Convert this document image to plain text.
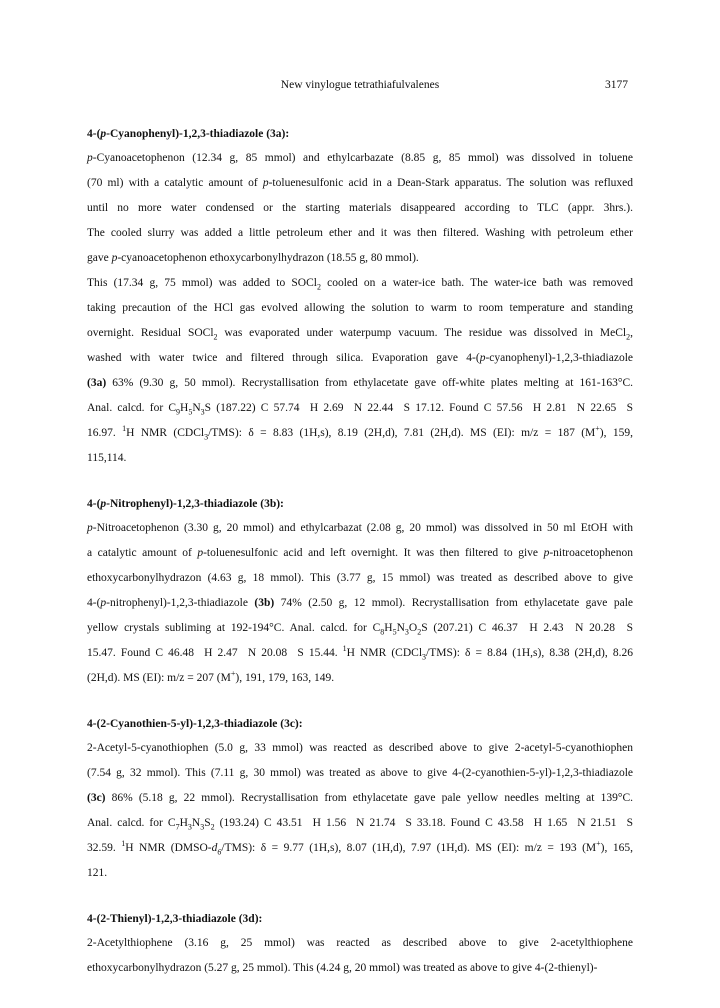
New vinylogue tetrathiafulvalenes	3177
4-(p-Cyanophenyl)-1,2,3-thiadiazole (3a):
p-Cyanoacetophenon (12.34 g, 85 mmol) and ethylcarbazate (8.85 g, 85 mmol) was dissolved in toluene
(70 ml) with a catalytic amount of p-toluenesulfonic acid in a Dean-Stark apparatus. The solution was refluxed
until no more water condensed or the starting materials disappeared according to TLC (appr. 3hrs.).
The cooled slurry was added a little petroleum ether and it was then filtered. Washing with petroleum ether
gave p-cyanoacetophenon ethoxycarbonylhydrazon (18.55 g, 80 mmol).
This (17.34 g, 75 mmol) was added to SOCl$_2$ cooled on a water-ice bath. The water-ice bath was removed
taking precaution of the HCl gas evolved allowing the solution to warm to room temperature and standing
overnight. Residual SOCl$_2$ was evaporated under waterpump vacuum. The residue was dissolved in MeCl$_2$,
washed with water twice and filtered through silica. Evaporation gave 4-(p-cyanophenyl)-1,2,3-thiadiazole
(3a) 63% (9.30 g, 50 mmol). Recrystallisation from ethylacetate gave off-white plates melting at 161-163°C.
Anal. calcd. for $C_9H_5N_3S$ (187.22) C 57.74  H 2.69  N 22.44  S 17.12. Found C 57.56  H 2.81  N 22.65  S
16.97. $^1$H NMR (CDCl$_3$/TMS): δ = 8.83 (1H,s), 8.19 (2H,d), 7.81 (2H,d). MS (EI): m/z = 187 (M+), 159,
115,114.
4-(p-Nitrophenyl)-1,2,3-thiadiazole (3b):
p-Nitroacetophenon (3.30 g, 20 mmol) and ethylcarbazat (2.08 g, 20 mmol) was dissolved in 50 ml EtOH with
a catalytic amount of p-toluenesulfonic acid and left overnight. It was then filtered to give p-nitroacetophenon
ethoxycarbonylhydrazon (4.63 g, 18 mmol). This (3.77 g, 15 mmol) was treated as described above to give
4-(p-nitrophenyl)-1,2,3-thiadiazole (3b) 74% (2.50 g, 12 mmol). Recrystallisation from ethylacetate gave pale
yellow crystals subliming at 192-194°C. Anal. calcd. for $C_8H_5N_3O_2S$ (207.21) C 46.37  H 2.43  N 20.28  S
15.47. Found C 46.48  H 2.47  N 20.08  S 15.44. $^1$H NMR (CDCl$_3$/TMS): δ = 8.84 (1H,s), 8.38 (2H,d), 8.26
(2H,d). MS (EI): m/z = 207 (M+), 191, 179, 163, 149.
4-(2-Cyanothien-5-yl)-1,2,3-thiadiazole (3c):
2-Acetyl-5-cyanothiophen (5.0 g, 33 mmol) was reacted as described above to give 2-acetyl-5-cyanothiophen
(7.54 g, 32 mmol). This (7.11 g, 30 mmol) was treated as above to give 4-(2-cyanothien-5-yl)-1,2,3-thiadiazole
(3c) 86% (5.18 g, 22 mmol). Recrystallisation from ethylacetate gave pale yellow needles melting at 139°C.
Anal. calcd. for $C_7H_3N_3S_2$ (193.24) C 43.51  H 1.56  N 21.74  S 33.18. Found C 43.58  H 1.65  N 21.51  S
32.59. $^1$H NMR $(DMSO-d_6/TMS)$: δ = 9.77 (1H,s), 8.07 (1H,d), 7.97 (1H,d). MS (EI): m/z = 193 (M+), 165,
121.
4-(2-Thienyl)-1,2,3-thiadiazole (3d):
2-Acetylthiophene (3.16 g, 25 mmol) was reacted as described above to give 2-acetylthiophene
ethoxycarbonylhydrazon (5.27 g, 25 mmol). This (4.24 g, 20 mmol) was treated as above to give 4-(2-thienyl)-
